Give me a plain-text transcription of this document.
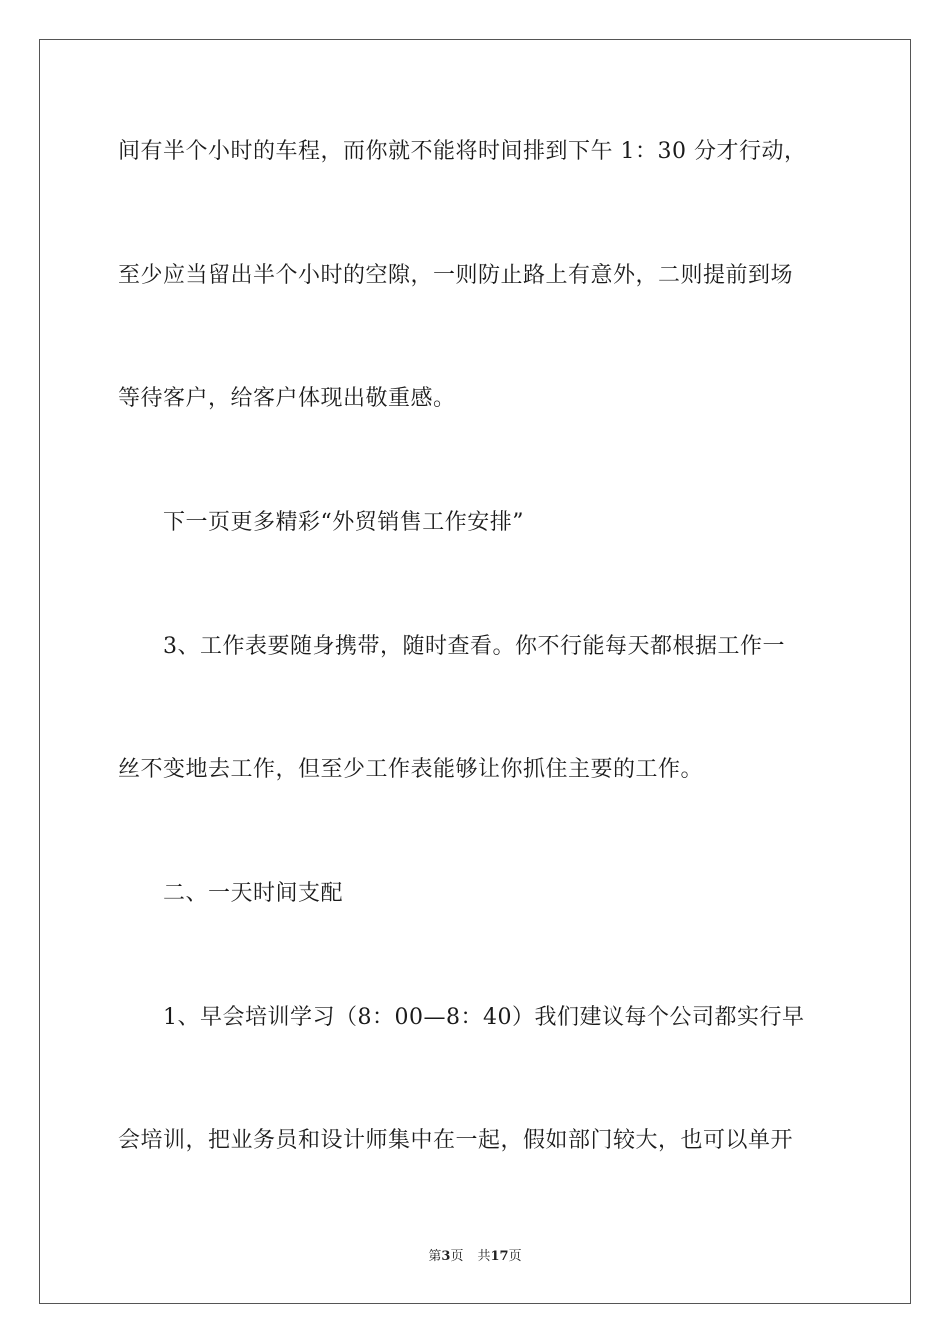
间有半个小时的车程，而你就不能将时间排到下午 1：30 分才行动，
至少应当留出半个小时的空隙，一则防止路上有意外，二则提前到场
等待客户，给客户体现出敬重感。
下一页更多精彩“外贸销售工作安排”
3、工作表要随身携带，随时查看。你不行能每天都根据工作一
丝不变地去工作，但至少工作表能够让你抓住主要的工作。
二、一天时间支配
1、早会培训学习（8：00—8：40）我们建议每个公司都实行早
会培训，把业务员和设计师集中在一起，假如部门较大，也可以单开
第3页 共17页
